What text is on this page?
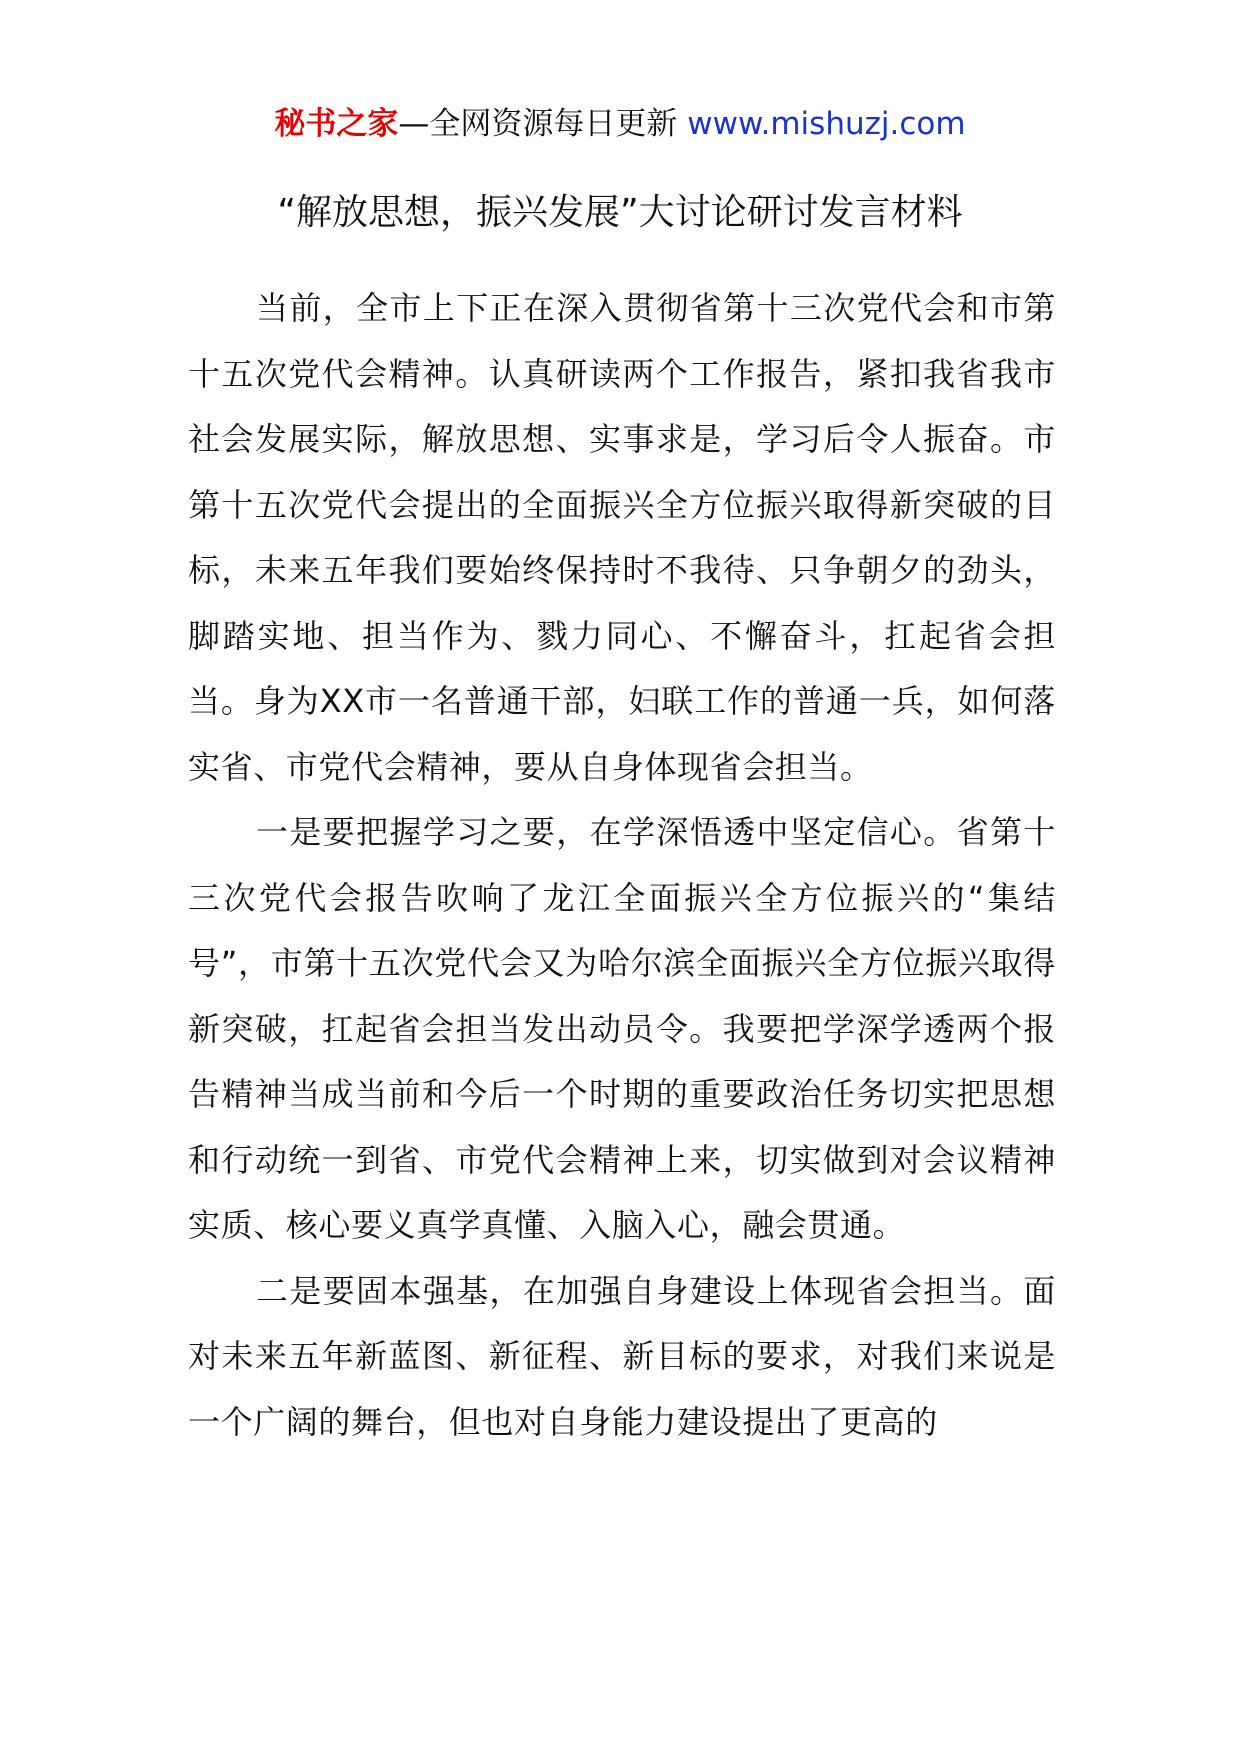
秘书之家—全网资源每日更新 www.mishuzj.com
“解放思想，振兴发展”大讨论研讨发言材料

当前，全市上下正在深入贯彻省第十三次党代会和市第十五次党代会精神。认真研读两个工作报告，紧扣我省我市社会发展实际，解放思想、实事求是，学习后令人振奋。市第十五次党代会提出的全面振兴全方位振兴取得新突破的目标，未来五年我们要始终保持时不我待、只争朝夕的劲头，脚踏实地、担当作为、戮力同心、不懈奋斗，扛起省会担当。身为XX市一名普通干部，妇联工作的普通一兵，如何落实省、市党代会精神，要从自身体现省会担当。

一是要把握学习之要，在学深悟透中坚定信心。省第十三次党代会报告吹响了龙江全面振兴全方位振兴的“集结号”，市第十五次党代会又为哈尔滨全面振兴全方位振兴取得新突破，扛起省会担当发出动员令。我要把学深学透两个报告精神当成当前和今后一个时期的重要政治任务切实把思想和行动统一到省、市党代会精神上来，切实做到对会议精神实质、核心要义真学真懂、入脑入心，融会贯通。

二是要固本强基，在加强自身建设上体现省会担当。面对未来五年新蓝图、新征程、新目标的要求，对我们来说是一个广阔的舞台，但也对自身能力建设提出了更高的
